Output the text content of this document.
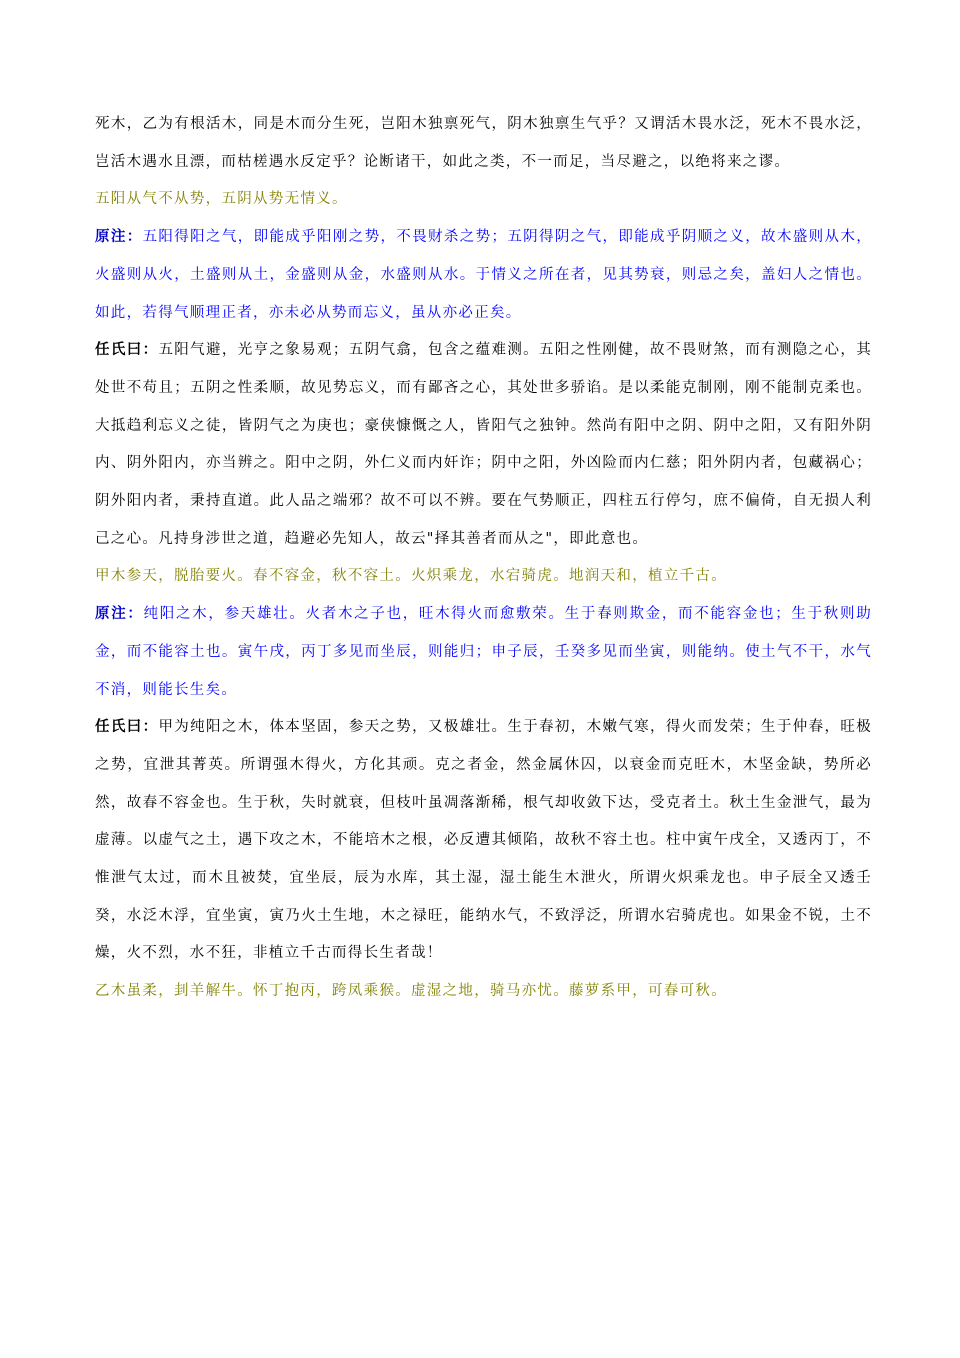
死木，乙为有根活木，同是木而分生死，岂阳木独禀死气，阴木独禀生气乎？又谓活木畏水泛，死木不畏水泛，岂活木遇水且漂，而枯槎遇水反定乎？论断诸干，如此之类，不一而足，当尽避之，以绝将来之谬。

五阳从气不从势，五阴从势无情义。

原注：五阳得阳之气，即能成乎阳刚之势，不畏财杀之势；五阴得阴之气，即能成乎阴顺之义，故木盛则从木，火盛则从火，土盛则从土，金盛则从金，水盛则从水。于情义之所在者，见其势衰，则忌之矣，盖妇人之情也。如此，若得气顺理正者，亦未必从势而忘义，虽从亦必正矣。

任氏曰：五阳气避，光亨之象易观；五阴气翕，包含之蕴难测。五阳之性刚健，故不畏财煞，而有测隐之心，其处世不苟且；五阴之性柔顺，故见势忘义，而有鄙吝之心，其处世多骄谄。是以柔能克制刚，刚不能制克柔也。大抵趋利忘义之徒，皆阴气之为庚也；豪侠慷慨之人，皆阳气之独钟。然尚有阳中之阴、阴中之阳，又有阳外阴内、阴外阳内，亦当辨之。阳中之阴，外仁义而内奸诈；阴中之阳，外凶险而内仁慈；阳外阴内者，包藏祸心；阴外阳内者，秉持直道。此人品之端邪？故不可以不辨。要在气势顺正，四柱五行停匀，庶不偏倚，自无损人利己之心。凡持身涉世之道，趋避必先知人，故云"择其善者而从之"，即此意也。

甲木参天，脱胎要火。春不容金，秋不容土。火炽乘龙，水宕骑虎。地润天和，植立千古。

原注：纯阳之木，参天雄壮。火者木之子也，旺木得火而愈敷荣。生于春则欺金，而不能容金也；生于秋则助金，而不能容土也。寅午戌，丙丁多见而坐辰，则能归；申子辰，壬癸多见而坐寅，则能纳。使土气不干，水气不消，则能长生矣。

任氏曰：甲为纯阳之木，体本坚固，参天之势，又极雄壮。生于春初，木嫩气寒，得火而发荣；生于仲春，旺极之势，宜泄其菁英。所谓强木得火，方化其顽。克之者金，然金属休囚，以衰金而克旺木，木坚金缺，势所必然，故春不容金也。生于秋，失时就衰，但枝叶虽凋落渐稀，根气却收敛下达，受克者土。秋土生金泄气，最为虚薄。以虚气之土，遇下攻之木，不能培木之根，必反遭其倾陷，故秋不容土也。柱中寅午戌全，又透丙丁，不惟泄气太过，而木且被焚，宜坐辰，辰为水库，其土湿，湿土能生木泄火，所谓火炽乘龙也。申子辰全又透壬癸，水泛木浮，宜坐寅，寅乃火土生地，木之禄旺，能纳水气，不致浮泛，所谓水宕骑虎也。如果金不锐，土不燥，火不烈，水不狂，非植立千古而得长生者哉！

乙木虽柔，刲羊解牛。怀丁抱丙，跨凤乘猴。虚湿之地，骑马亦忧。藤萝系甲，可春可秋。
